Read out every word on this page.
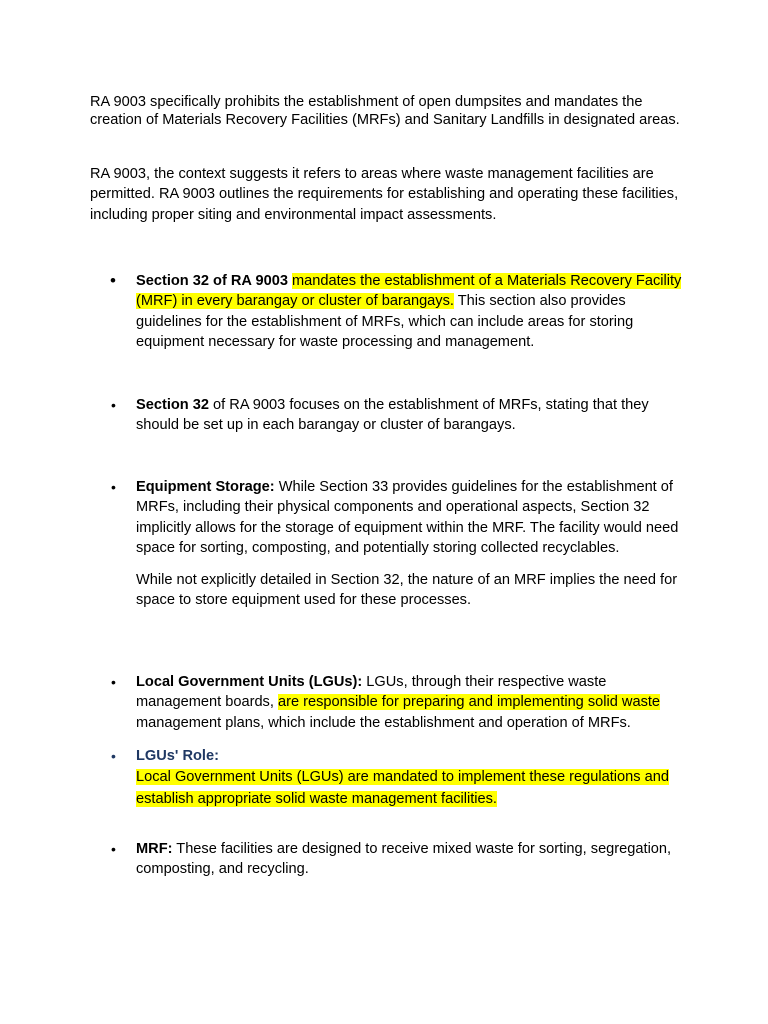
RA 9003 specifically prohibits the establishment of open dumpsites and mandates the creation of Materials Recovery Facilities (MRFs) and Sanitary Landfills in designated areas.

RA 9003, the context suggests it refers to areas where waste management facilities are permitted. RA 9003 outlines the requirements for establishing and operating these facilities, including proper siting and environmental impact assessments.

• Section 32 of RA 9003 mandates the establishment of a Materials Recovery Facility (MRF) in every barangay or cluster of barangays. This section also provides guidelines for the establishment of MRFs, which can include areas for storing equipment necessary for waste processing and management.

• Section 32 of RA 9003 focuses on the establishment of MRFs, stating that they should be set up in each barangay or cluster of barangays.

• Equipment Storage: While Section 33 provides guidelines for the establishment of MRFs, including their physical components and operational aspects, Section 32 implicitly allows for the storage of equipment within the MRF. The facility would need space for sorting, composting, and potentially storing collected recyclables.

While not explicitly detailed in Section 32, the nature of an MRF implies the need for space to store equipment used for these processes.

• Local Government Units (LGUs): LGUs, through their respective waste management boards, are responsible for preparing and implementing solid waste management plans, which include the establishment and operation of MRFs.

• LGUs' Role:

Local Government Units (LGUs) are mandated to implement these regulations and establish appropriate solid waste management facilities.

• MRF: These facilities are designed to receive mixed waste for sorting, segregation, composting, and recycling.
